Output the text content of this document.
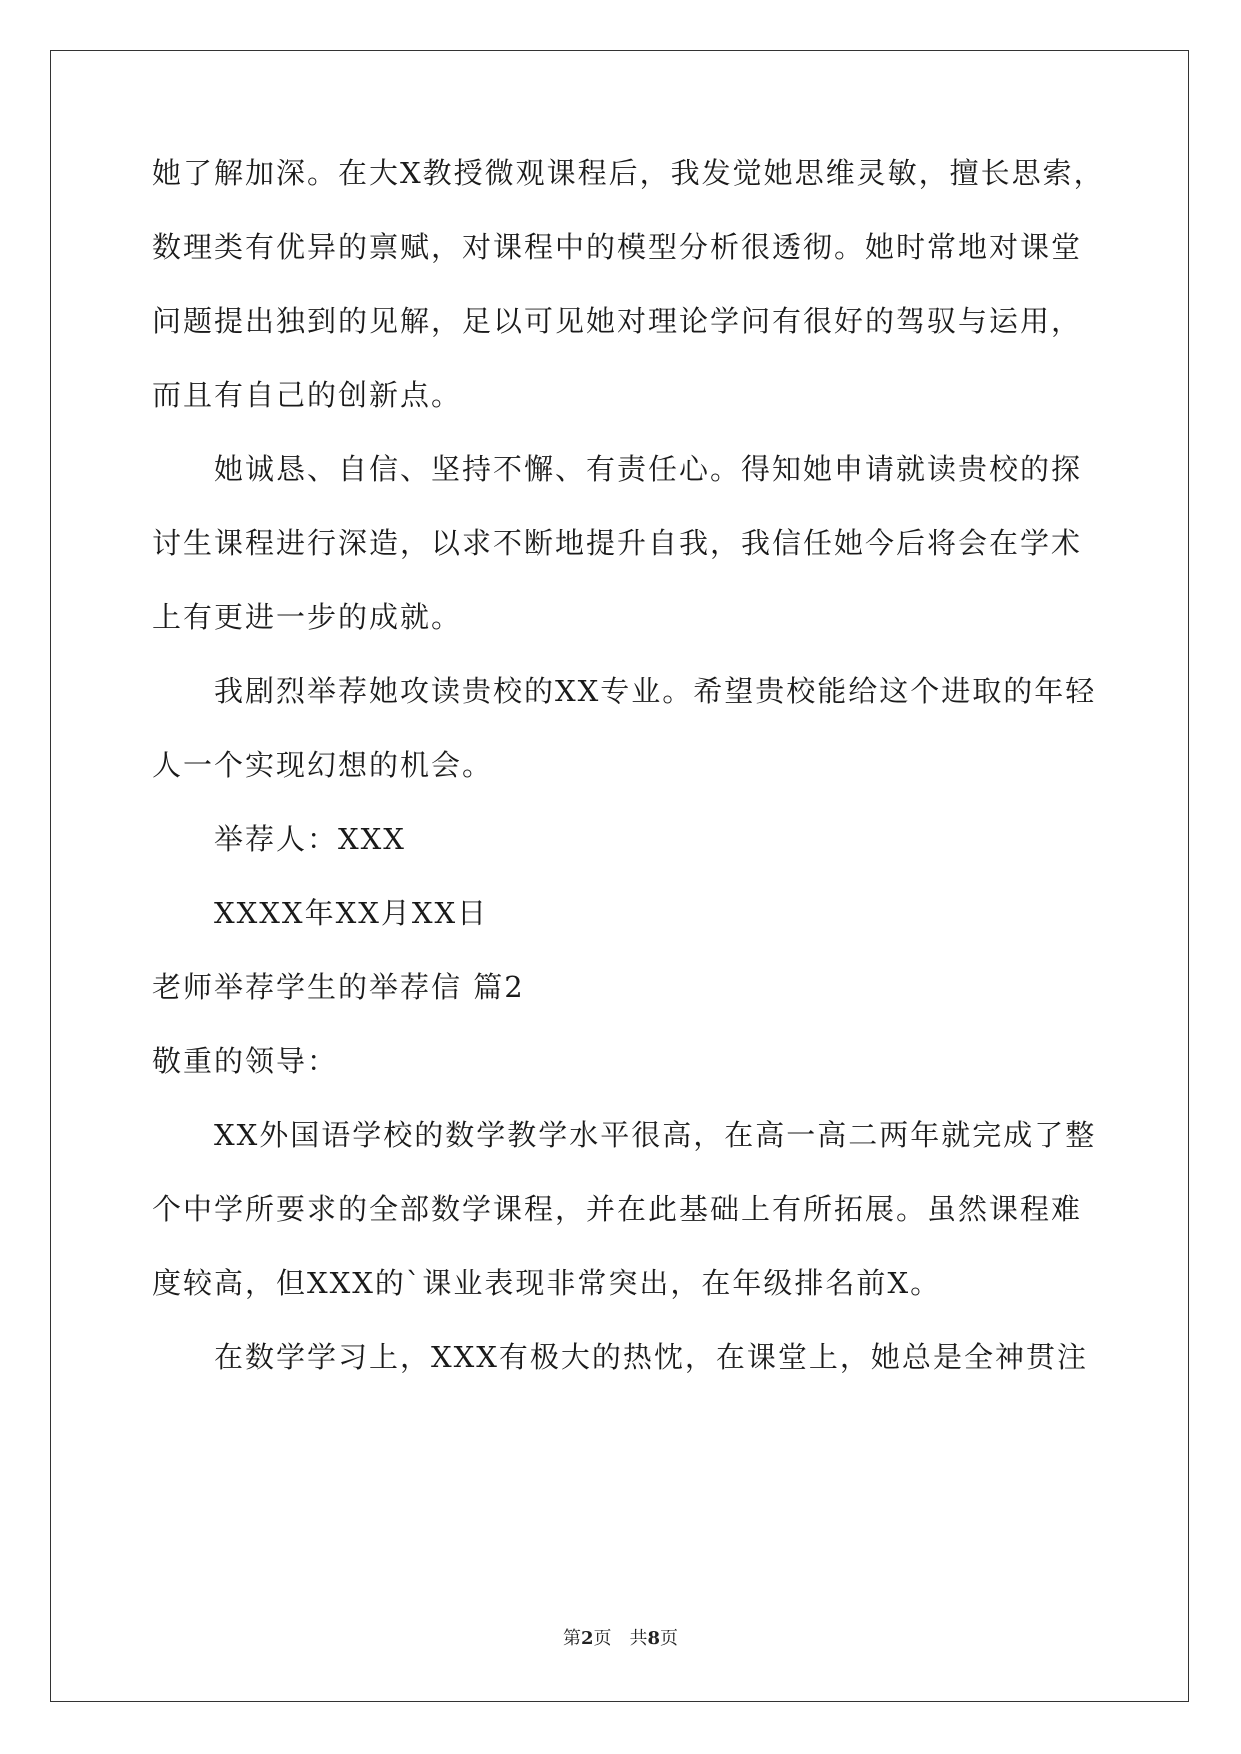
她了解加深。在大X教授微观课程后，我发觉她思维灵敏，擅长思索，
数理类有优异的禀赋，对课程中的模型分析很透彻。她时常地对课堂
问题提出独到的见解，足以可见她对理论学问有很好的驾驭与运用，
而且有自己的创新点。
她诚恳、自信、坚持不懈、有责任心。得知她申请就读贵校的探
讨生课程进行深造，以求不断地提升自我，我信任她今后将会在学术
上有更进一步的成就。
我剧烈举荐她攻读贵校的XX专业。希望贵校能给这个进取的年轻
人一个实现幻想的机会。
举荐人：XXX
XXXX年XX月XX日
老师举荐学生的举荐信 篇2
敬重的领导：
XX外国语学校的数学教学水平很高，在高一高二两年就完成了整
个中学所要求的全部数学课程，并在此基础上有所拓展。虽然课程难
度较高，但XXX的`课业表现非常突出，在年级排名前X。
在数学学习上，XXX有极大的热忱，在课堂上，她总是全神贯注
第2页 共8页
